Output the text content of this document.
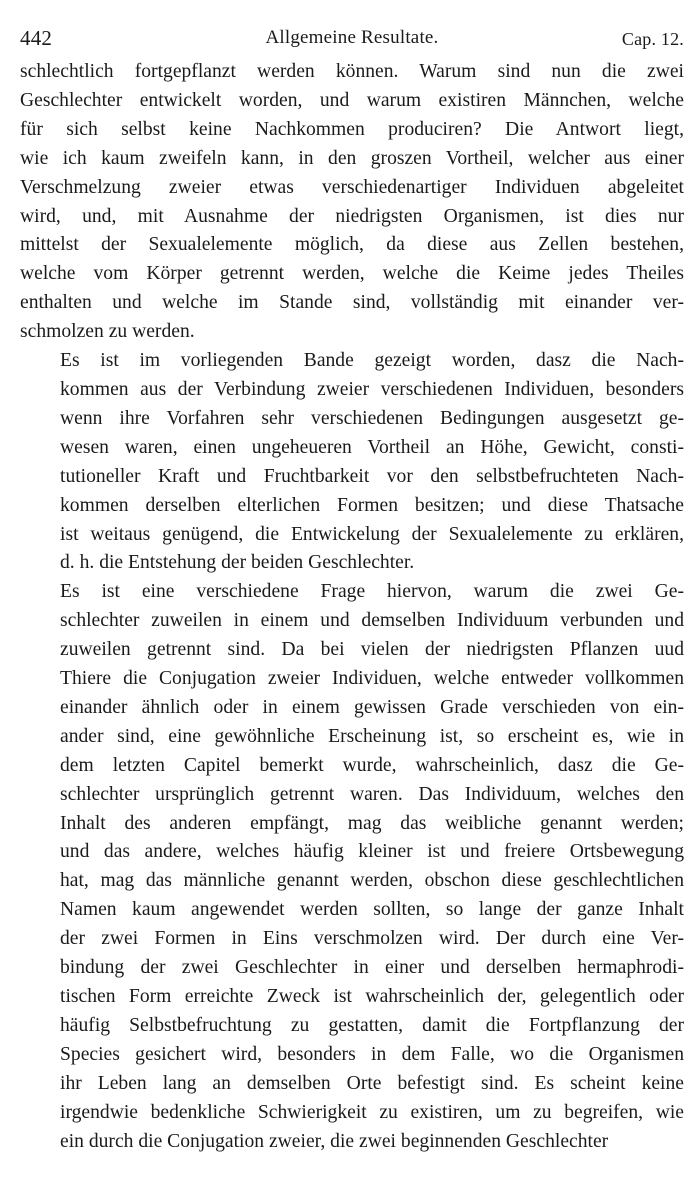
442	Allgemeine Resultate.	Cap. 12.
schlechtlich fortgepflanzt werden können. Warum sind nun die zwei
Geschlechter entwickelt worden, und warum existiren Männchen, welche
für sich selbst keine Nachkommen produciren? Die Antwort liegt,
wie ich kaum zweifeln kann, in den groszen Vortheil, welcher aus einer
Verschmelzung zweier etwas verschiedenartiger Individuen abgeleitet
wird, und, mit Ausnahme der niedrigsten Organismen, ist dies nur
mittelst der Sexualelemente möglich, da diese aus Zellen bestehen,
welche vom Körper getrennt werden, welche die Keime jedes Theiles
enthalten und welche im Stande sind, vollständig mit einander ver-
schmolzen zu werden.
Es ist im vorliegenden Bande gezeigt worden, dasz die Nach-
kommen aus der Verbindung zweier verschiedenen Individuen, besonders
wenn ihre Vorfahren sehr verschiedenen Bedingungen ausgesetzt ge-
wesen waren, einen ungeheueren Vortheil an Höhe, Gewicht, consti-
tutioneller Kraft und Fruchtbarkeit vor den selbstbefruchteten Nach-
kommen derselben elterlichen Formen besitzen; und diese Thatsache
ist weitaus genügend, die Entwickelung der Sexualelemente zu erklären,
d. h. die Entstehung der beiden Geschlechter.
Es ist eine verschiedene Frage hiervon, warum die zwei Ge-
schlechter zuweilen in einem und demselben Individuum verbunden und
zuweilen getrennt sind. Da bei vielen der niedrigsten Pflanzen uud
Thiere die Conjugation zweier Individuen, welche entweder vollkommen
einander ähnlich oder in einem gewissen Grade verschieden von ein-
ander sind, eine gewöhnliche Erscheinung ist, so erscheint es, wie in
dem letzten Capitel bemerkt wurde, wahrscheinlich, dasz die Ge-
schlechter ursprünglich getrennt waren. Das Individuum, welches den
Inhalt des anderen empfängt, mag das weibliche genannt werden;
und das andere, welches häufig kleiner ist und freiere Ortsbewegung
hat, mag das männliche genannt werden, obschon diese geschlechtlichen
Namen kaum angewendet werden sollten, so lange der ganze Inhalt
der zwei Formen in Eins verschmolzen wird. Der durch eine Ver-
bindung der zwei Geschlechter in einer und derselben hermaphrodi-
tischen Form erreichte Zweck ist wahrscheinlich der, gelegentlich oder
häufig Selbstbefruchtung zu gestatten, damit die Fortpflanzung der
Species gesichert wird, besonders in dem Falle, wo die Organismen
ihr Leben lang an demselben Orte befestigt sind. Es scheint keine
irgendwie bedenkliche Schwierigkeit zu existiren, um zu begreifen, wie
ein durch die Conjugation zweier, die zwei beginnenden Geschlechter
